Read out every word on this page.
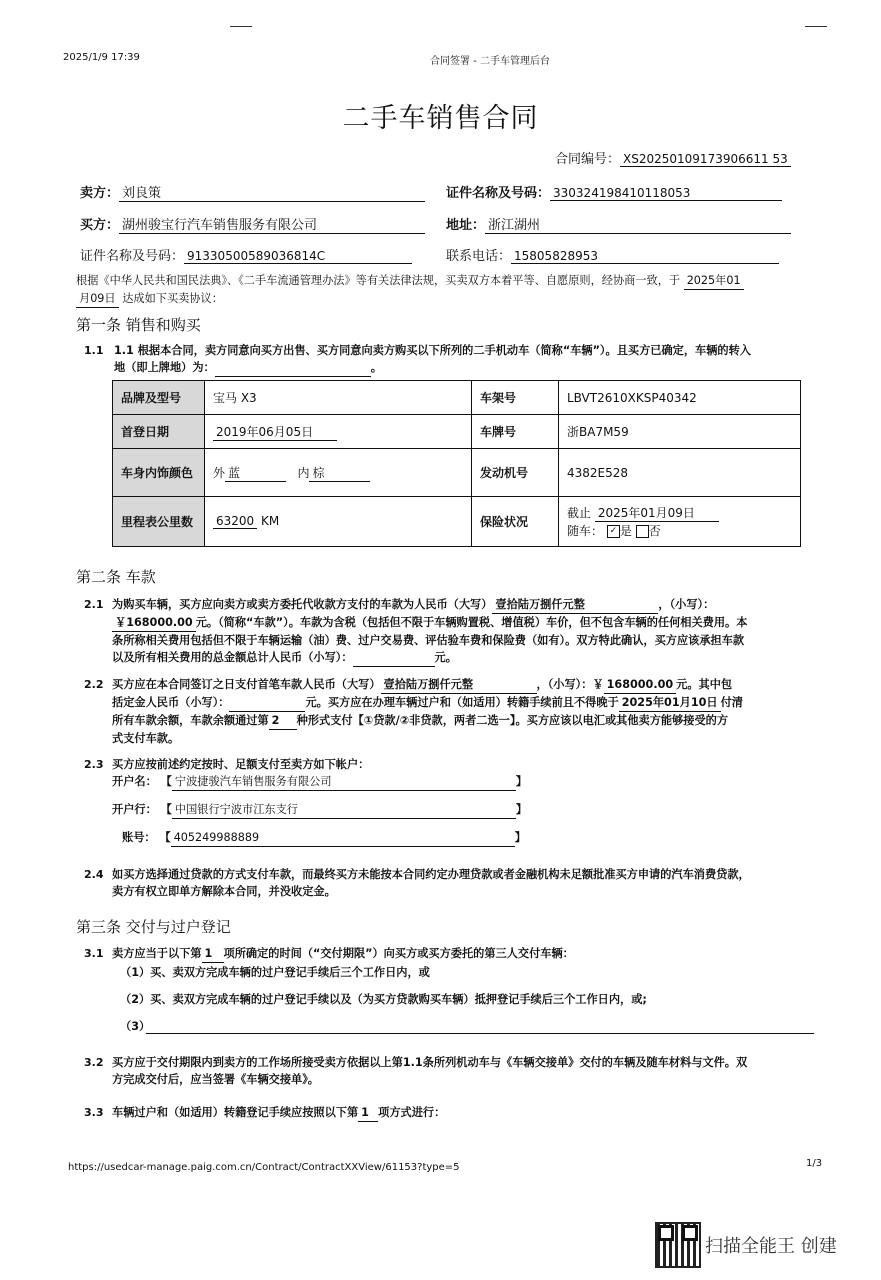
2025/1/9 17:39	合同签署 - 二手车管理后台
二手车销售合同
合同编号： XS20250109173906611 53
卖方： 刘良策	证件名称及号码： 330324198410118053
买方： 湖州骏宝行汽车销售服务有限公司	地址： 浙江湖州
证件名称及号码： 91330500589036814C	联系电话： 15805828953
根据《中华人民共和国民法典》、《二手车流通管理办法》等有关法律法规，买卖双方本着平等、自愿原则，经协商一致，于 2025年01
月09日 达成如下买卖协议：
第一条 销售和购买
1.1 1.1 根据本合同，卖方同意向买方出售、买方同意向卖方购买以下所列的二手机动车（简称“车辆”）。且买方已确定，车辆的转入
地（即上牌地）为：	。
品牌及型号	宝马 X3	车架号	LBVT2610XKSP40342
首登日期	2019年06月05日	车牌号	浙BA7M59
车身内饰颜色	外 蓝 内 棕	发动机号	4382E528
里程表公里数	63200 KM	保险状况	截止 2025年01月09日
随车： ✓ 是 否
第二条 车款
2.1 为购买车辆，买方应向卖方或卖方委托代收款方支付的车款为人民币（大写） 壹拾陆万捌仟元整	，（小写）：
￥168000.00 元。（简称“车款”）。车款为含税（包括但不限于车辆购置税、增值税）车价，但不包含车辆的任何相关费用。本
条所称相关费用包括但不限于车辆运输（油）费、过户交易费、评估验车费和保险费（如有）。双方特此确认，买方应该承担车款
以及所有相关费用的总金额总计人民币（小写）：	元。
2.2 买方应在本合同签订之日支付首笔车款人民币（大写） 壹拾陆万捌仟元整	，（小写）：￥ 168000.00 元。其中包
括定金人民币（小写）：	元。买方应在办理车辆过户和（如适用）转籍手续前且不得晚于 2025年01月10日 付清
所有车款余额，车款余额通过第 2 种形式支付【①贷款/②非贷款，两者二选一】。买方应该以电汇或其他卖方能够接受的方
式支付车款。
2.3 买方应按前述约定按时、足额支付至卖方如下帐户：
开户名： 【 宁波捷骏汽车销售服务有限公司	】
开户行： 【 中国银行宁波市江东支行	】
账号： 【 405249988889	】
2.4 如买方选择通过贷款的方式支付车款，而最终买方未能按本合同约定办理贷款或者金融机构未足额批准买方申请的汽车消费贷款，
卖方有权立即单方解除本合同，并没收定金。
第三条 交付与过户登记
3.1 卖方应当于以下第 1 项所确定的时间（“交付期限”）向买方或买方委托的第三人交付车辆：
（1）买、卖双方完成车辆的过户登记手续后三个工作日内，或
（2）买、卖双方完成车辆的过户登记手续以及（为买方贷款购买车辆）抵押登记手续后三个工作日内，或;
（3）
3.2 买方应于交付期限内到卖方的工作场所接受卖方依据以上第1.1条所列机动车与《车辆交接单》交付的车辆及随车材料与文件。双
方完成交付后，应当签署《车辆交接单》。
3.3 车辆过户和（如适用）转籍登记手续应按照以下第 1 项方式进行：
https://usedcar-manage.paig.com.cn/Contract/ContractXXView/61153?type=5	1/3
扫描全能王 创建
